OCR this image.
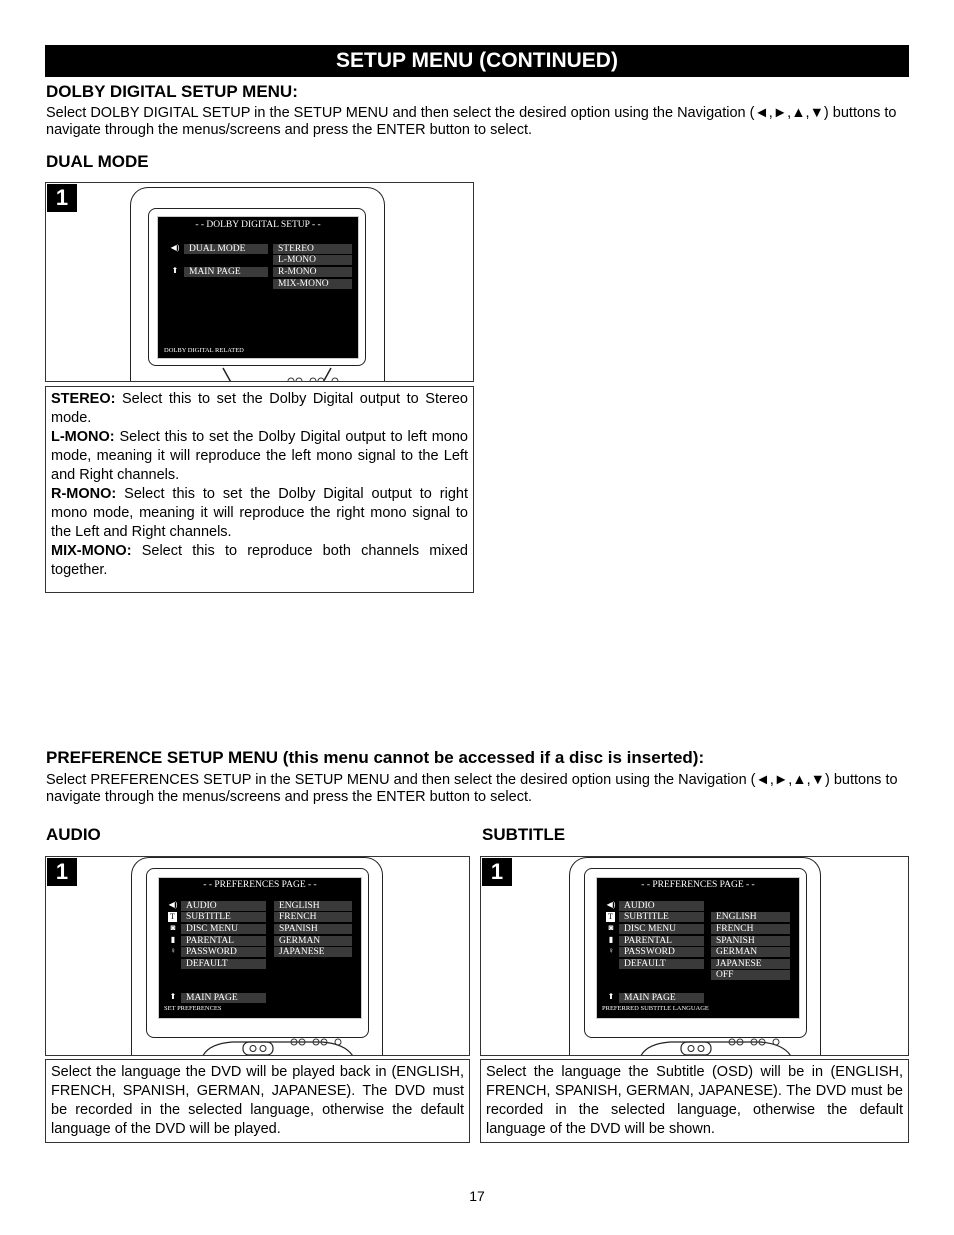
SETUP MENU (CONTINUED)
DOLBY DIGITAL SETUP MENU:
Select DOLBY DIGITAL SETUP in the SETUP MENU and then select the desired option using the Navigation (◄,►,▲,▼) buttons to navigate through the menus/screens and press the ENTER button to select.
DUAL MODE
1
- - DOLBY DIGITAL SETUP - -
◀)	DUAL MODE
⬆	MAIN PAGE
STEREO
L-MONO
R-MONO
MIX-MONO
DOLBY DIGITAL RELATED
STEREO: Select this to set the Dolby Digital output to Stereo mode.
L-MONO: Select this to set the Dolby Digital output to left mono mode, meaning it will reproduce the left mono signal to the Left and Right channels.
R-MONO: Select this to set the Dolby Digital output to right mono mode, meaning it will reproduce the right mono signal to the Left and Right channels.
MIX-MONO: Select this to reproduce both channels mixed together.
PREFERENCE SETUP MENU (this menu cannot be accessed if a disc is inserted):
Select PREFERENCES SETUP in the SETUP MENU and then select the desired option using the Navigation (◄,►,▲,▼) buttons to navigate through the menus/screens and press the ENTER button to select.
AUDIO	SUBTITLE
1
- - PREFERENCES PAGE - -
◀)
T
◙
▮
♀
AUDIO
SUBTITLE
DISC MENU
PARENTAL
PASSWORD
DEFAULT
ENGLISH
FRENCH
SPANISH
GERMAN
JAPANESE
⬆	MAIN PAGE
SET PREFERENCES
Select the language the DVD will be played back in (ENGLISH, FRENCH, SPANISH, GERMAN, JAPANESE). The DVD must be recorded in the selected language, otherwise the default language of the DVD will be played.
1
- - PREFERENCES PAGE - -
◀)
T
◙
▮
♀
AUDIO
SUBTITLE
DISC MENU
PARENTAL
PASSWORD
DEFAULT
ENGLISH
FRENCH
SPANISH
GERMAN
JAPANESE
OFF
⬆	MAIN PAGE
PREFERRED SUBTITLE LANGUAGE
Select the language the Subtitle (OSD) will be in (ENGLISH, FRENCH, SPANISH, GERMAN, JAPANESE). The DVD must be recorded in the selected language, otherwise the default language of the DVD will be shown.
17
